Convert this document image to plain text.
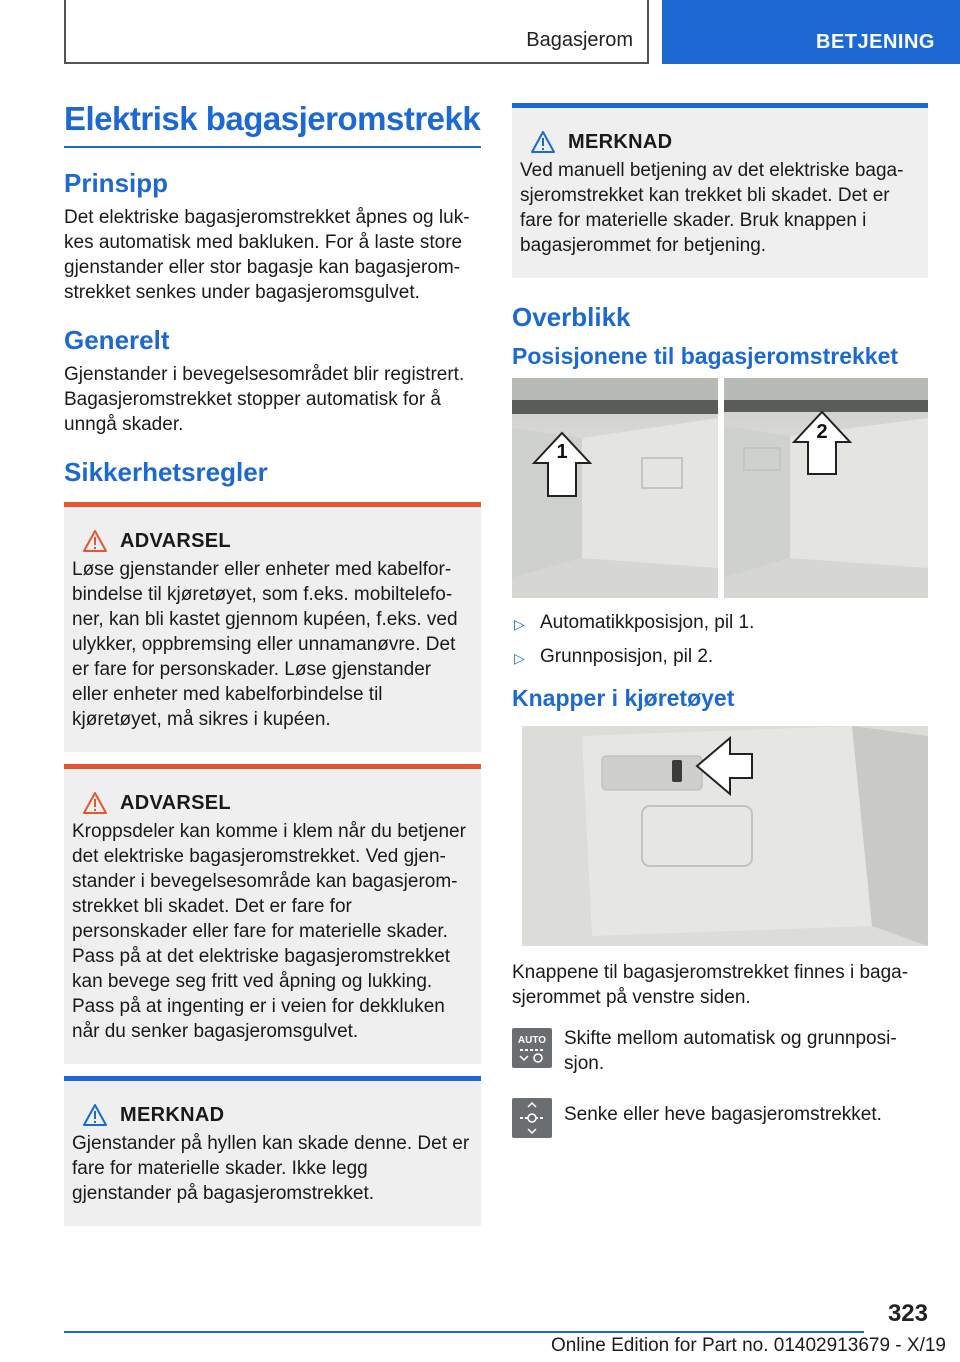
Bagasjerom	BETJENING
Elektrisk bagasjeromstrekk
Prinsipp

Det elektriske bagasjeromstrekket åpnes og lukkes automatisk med bakluken. For å laste store gjenstander eller stor bagasje kan bagasjeromstrekket senkes under bagasjeromsgulvet.

Generelt

Gjenstander i bevegelsesområdet blir registrert. Bagasjeromstrekket stopper automatisk for å unngå skader.

Sikkerhetsregler
ADVARSEL

Løse gjenstander eller enheter med kabelforbindelse til kjøretøyet, som f.eks. mobiltelefoner, kan bli kastet gjennom kupéen, f.eks. ved ulykker, oppbremsing eller unnamanøvre. Det er fare for personskader. Løse gjenstander eller enheter med kabelforbindelse til kjøretøyet, må sikres i kupéen.

ADVARSEL

Kroppsdeler kan komme i klem når du betjener det elektriske bagasjeromstrekket. Ved gjenstander i bevegelsesområde kan bagasjeromstrekket bli skadet. Det er fare for personskader eller fare for materielle skader. Pass på at det elektriske bagasjeromstrekket kan bevege seg fritt ved åpning og lukking. Pass på at ingenting er i veien for dekkluken når du senker bagasjeromsgulvet.

MERKNAD

Gjenstander på hyllen kan skade denne. Det er fare for materielle skader. Ikke legg gjenstander på bagasjeromstrekket.

MERKNAD

Ved manuell betjening av det elektriske bagasjeromstrekket kan trekket bli skadet. Det er fare for materielle skader. Bruk knappen i bagasjerommet for betjening.

Overblikk
Posisjonene til bagasjeromstrekket
1
2
▷ Automatikkposisjon, pil 1.
▷ Grunnposisjon, pil 2.
Knapper i kjøretøyet

Knappene til bagasjeromstrekket finnes i bagasjerommet på venstre siden.

AUTO Skifte mellom automatisk og grunnposisjon.

Senke eller heve bagasjeromstrekket.

323
Online Edition for Part no. 01402913679 - X/19
